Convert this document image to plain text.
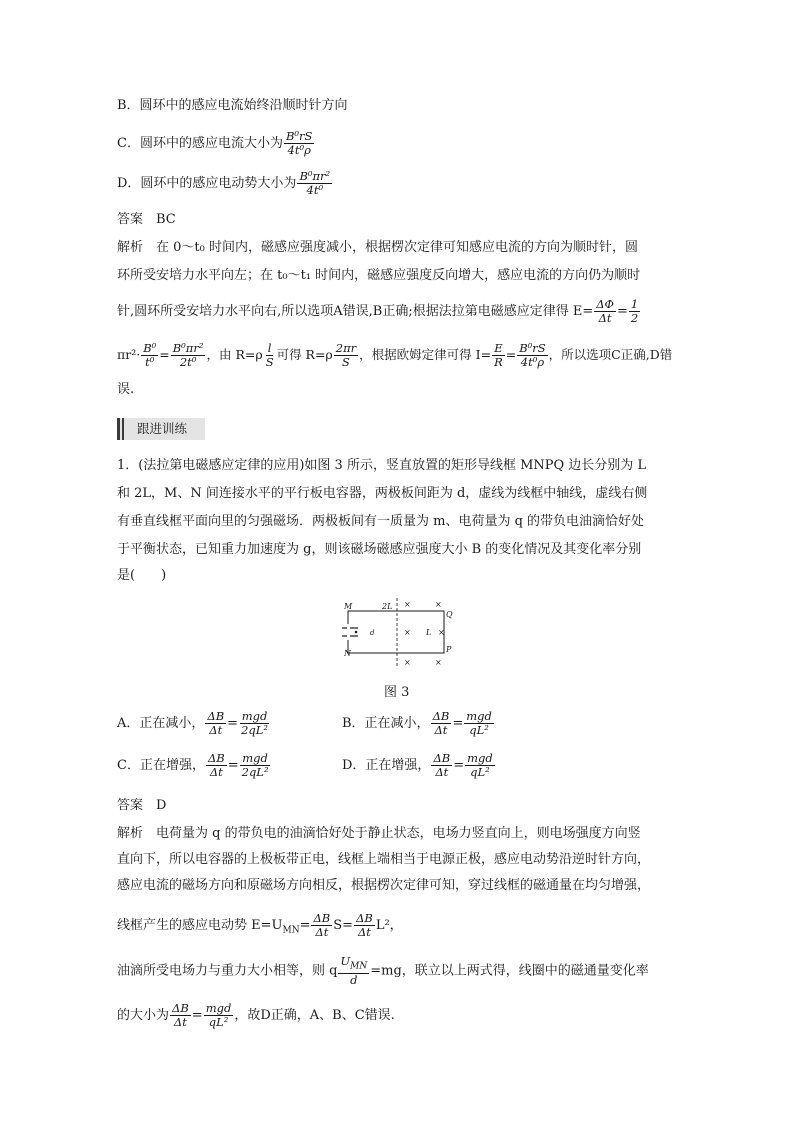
B．圆环中的感应电流始终沿顺时针方向
C．圆环中的感应电流大小为 $\frac{\text{B⁰rS}}{\text{4t⁰ρ}}$
D．圆环中的感应电动势大小为 $\frac{\text{B⁰πr²}}{\text{4t⁰}}$
答案　BC
解析　在 0～t₀ 时间内，磁感应强度减小，根据楞次定律可知感应电流的方向为顺时针，圆
环所受安培力水平向左；在 t₀～t₁ 时间内，磁感应强度反向增大，感应电流的方向仍为顺时
针,圆环所受安培力水平向右,所以选项A错误,B正确;根据法拉第电磁感应定律得 $E= \frac{\Delta\Phi}{\Delta t} = \frac{1}{2}$
$\pi r^2\cdot \frac{\text{B⁰}}{\text{t⁰}} = \frac{\text{B⁰πr²}}{\text{2t⁰}}$ ，由 $R=\rho \frac{l}{S}$ 可得 $R=\rho \frac{2\pi r}{S}$ ，根据欧姆定律可得 $I= \frac{E}{R} = \frac{\text{B⁰rS}}{\text{4t⁰ρ}}$ ，所以选项C正确,D错
误.
跟进训练
1．(法拉第电磁感应定律的应用)如图 3 所示，竖直放置的矩形导线框 MNPQ 边长分别为 L
和 2L，M、N 间连接水平的平行板电容器，两极板间距为 d，虚线为线框中轴线，虚线右侧
有垂直线框平面向里的匀强磁场．两极板间有一质量为 m、电荷量为 q 的带负电油滴恰好处
于平衡状态，已知重力加速度为 g，则该磁场磁感应强度大小 B 的变化情况及其变化率分别
是(　　)
M
N
Q
P
2L
L
d
×	×
×	×
×	×
图 3
A．正在减小， $\frac{\Delta B}{\Delta t} = \frac{\text{mgd}}{\text{2qL²}}$	B．正在减小， $\frac{\Delta B}{\Delta t} = \frac{\text{mgd}}{\text{qL²}}$
C．正在增强， $\frac{\Delta B}{\Delta t} = \frac{\text{mgd}}{\text{2qL²}}$	D．正在增强， $\frac{\Delta B}{\Delta t} = \frac{\text{mgd}}{\text{qL²}}$
答案　D
解析　电荷量为 q 的带负电的油滴恰好处于静止状态，电场力竖直向上，则电场强度方向竖
直向下，所以电容器的上极板带正电，线框上端相当于电源正极，感应电动势沿逆时针方向，
感应电流的磁场方向和原磁场方向相反，根据楞次定律可知，穿过线框的磁通量在均匀增强，
线框产生的感应电动势 $E=U_{MN}= \frac{\Delta B}{\Delta t} S= \frac{\Delta B}{\Delta t} L^2$，
油滴所受电场力与重力大小相等，则 q $\frac{U_{MN}}{d} =mg$，联立以上两式得，线圈中的磁通量变化率
的大小为 $\frac{\Delta B}{\Delta t} = \frac{\text{mgd}}{\text{qL²}}$ ，故D正确，A、B、C错误.
